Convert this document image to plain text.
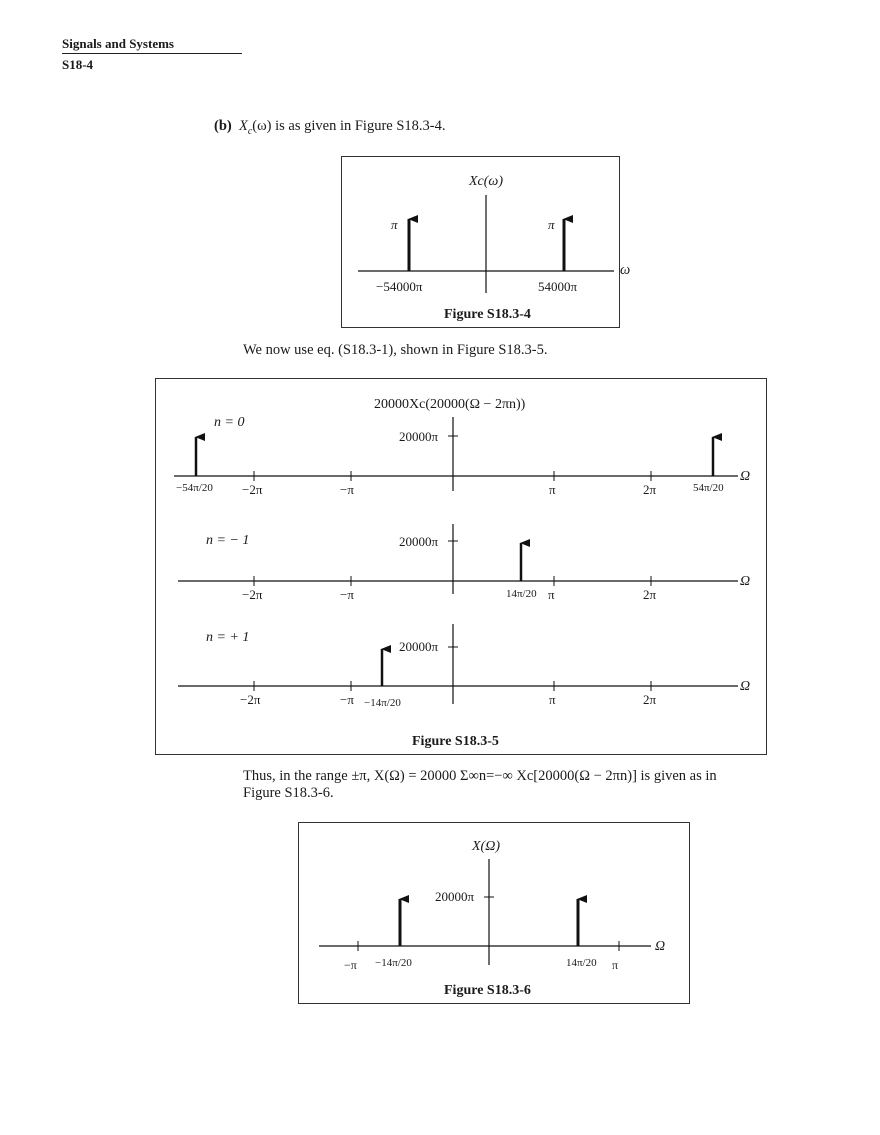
Signals and Systems
S18-4
(b) $X_c(\omega)$ is as given in Figure S18.3-4.
Xc(ω)
π	π
−54000π	54000π
Figure S18.3-4
ω
We now use eq. (S18.3-1), shown in Figure S18.3-5.
20000Xc(20000(Ω − 2πn))
n = 0
20000π
Ω
−2π	−π	π	2π
−54π/20	54π/20
n = − 1	20000π
Ω
−2π	−π	π	2π
14π/20
n = + 1
20000π
Ω
−2π	−π	π	2π
−14π/20
Figure S18.3-5
Thus, in the range ±π, X(Ω) = 20000 Σ∞n=−∞ Xc[20000(Ω − 2πn)] is given as in
Figure S18.3-6.
X(Ω)
Ω
20000π
−π	π
−14π/20	14π/20
Figure S18.3-6
